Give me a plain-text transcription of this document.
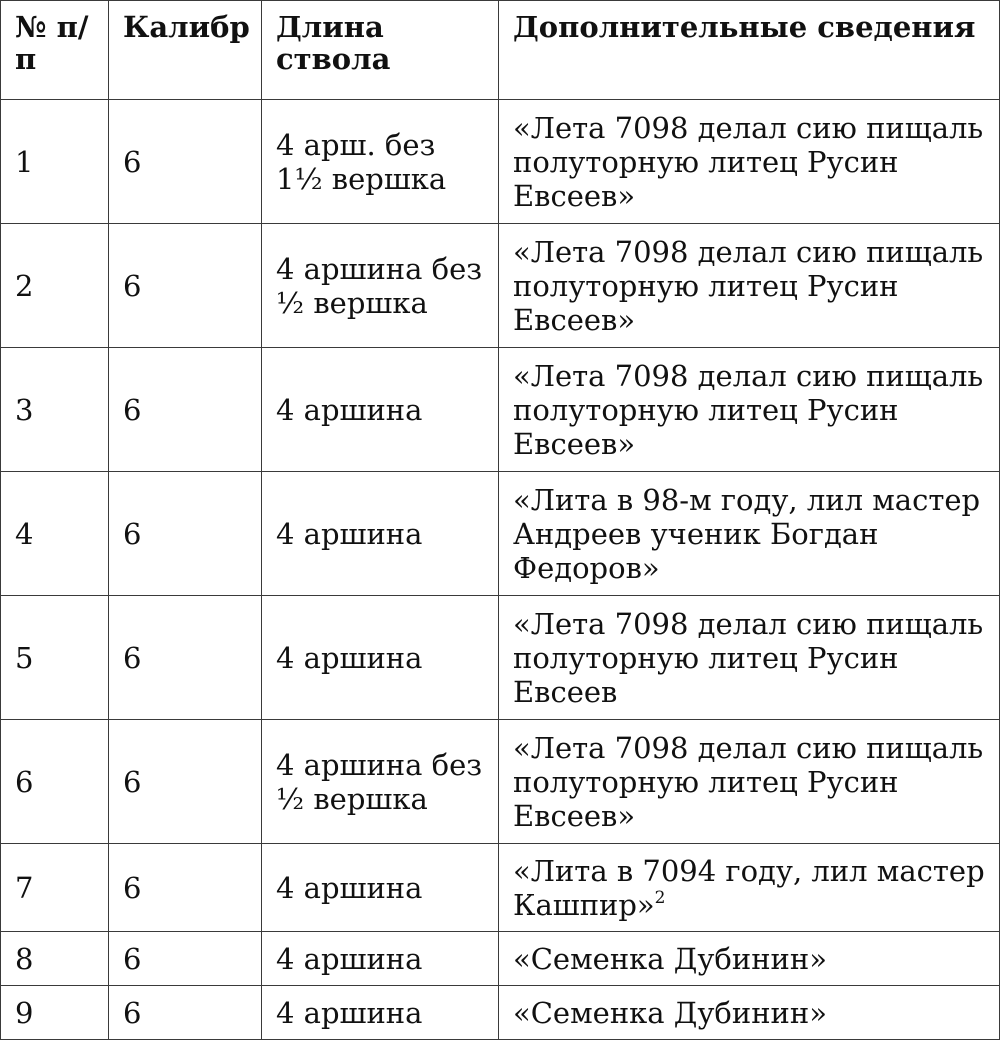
№ п/п	Калибр	Длина ствола	Дополнительные сведения
1	6	4 арш. без 1½ вершка	«Лета 7098 делал сию пищаль полуторную литец Русин Евсеев»
2	6	4 аршина без ½ вершка	«Лета 7098 делал сию пищаль полуторную литец Русин Евсеев»
3	6	4 аршина	«Лета 7098 делал сию пищаль полуторную литец Русин Евсеев»
4	6	4 аршина	«Лита в 98-м году, лил мастер Андреев ученик Богдан Федоров»
5	6	4 аршина	«Лета 7098 делал сию пищаль полуторную литец Русин Евсеев
6	6	4 аршина без ½ вершка	«Лета 7098 делал сию пищаль полуторную литец Русин Евсеев»
7	6	4 аршина	«Лита в 7094 году, лил мастер Кашпир»$^2$
8	6	4 аршина	«Семенка Дубинин»
9	6	4 аршина	«Семенка Дубинин»
